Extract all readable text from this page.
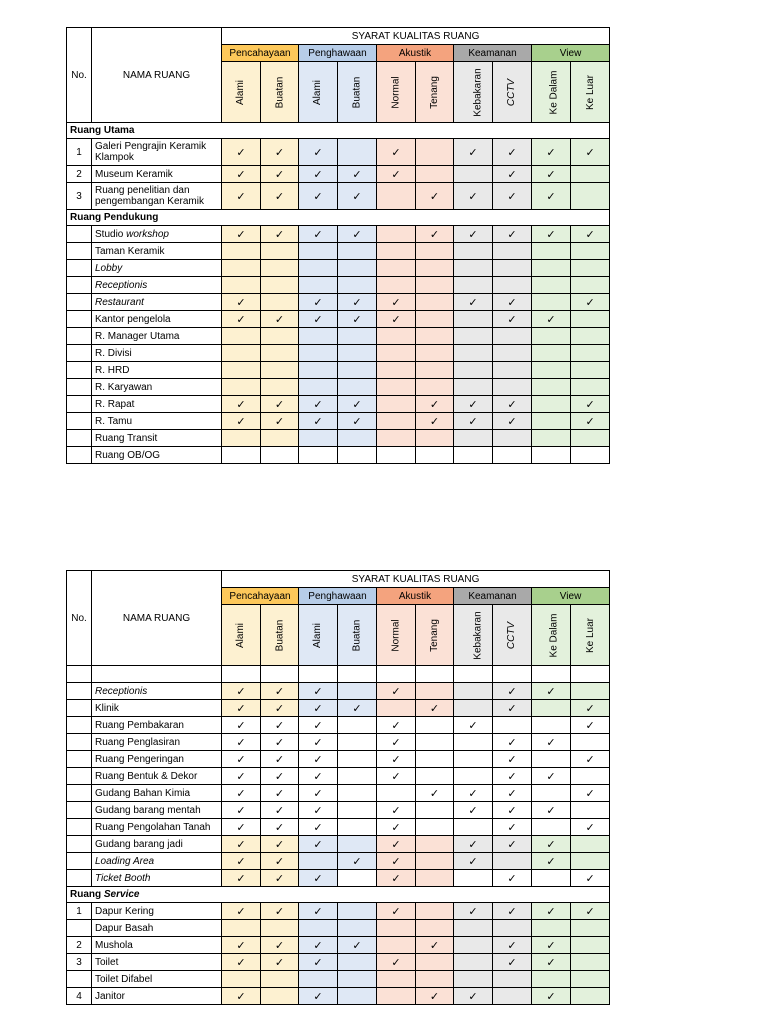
No.	NAMA RUANG	SYARAT KUALITAS RUANG									
		Pencahayaan		Penghawaan		Akustik		Keamanan		View	
		Alami	Buatan	Alami	Buatan	Normal	Tenang	Kebakaran	CCTV	Ke Dalam	Ke Luar
Ruang Utama											
1	Galeri Pengrajin Keramik Klampok	✓	✓	✓		✓		✓	✓	✓	✓
2	Museum Keramik	✓	✓	✓	✓	✓			✓	✓	
3	Ruang penelitian dan pengembangan Keramik	✓	✓	✓	✓		✓	✓	✓	✓	
Ruang Pendukung											
	Studio workshop	✓	✓	✓	✓		✓	✓	✓	✓	✓
	Taman Keramik										
	Lobby										
	Receptionis										
	Restaurant	✓		✓	✓	✓		✓	✓		✓
	Kantor pengelola	✓	✓	✓	✓	✓			✓	✓	
	R. Manager Utama										
	R. Divisi										
	R. HRD										
	R. Karyawan										
	R. Rapat	✓	✓	✓	✓		✓	✓	✓		✓
	R. Tamu	✓	✓	✓	✓		✓	✓	✓		✓
	Ruang Transit										
	Ruang OB/OG										
No.	NAMA RUANG	SYARAT KUALITAS RUANG									
		Pencahayaan		Penghawaan		Akustik		Keamanan		View	
		Alami	Buatan	Alami	Buatan	Normal	Tenang	Kebakaran	CCTV	Ke Dalam	Ke Luar

	Receptionis	✓	✓	✓		✓			✓	✓	
	Klinik	✓	✓	✓	✓		✓		✓		✓
	Ruang Pembakaran	✓	✓	✓		✓		✓			✓
	Ruang Penglasiran	✓	✓	✓		✓			✓	✓	
	Ruang Pengeringan	✓	✓	✓		✓			✓		✓
	Ruang Bentuk & Dekor	✓	✓	✓		✓			✓	✓	
	Gudang Bahan Kimia	✓	✓	✓			✓	✓	✓		✓
	Gudang barang mentah	✓	✓	✓		✓		✓	✓	✓	
	Ruang Pengolahan Tanah	✓	✓	✓		✓			✓		✓
	Gudang barang jadi	✓	✓	✓		✓		✓	✓	✓	
	Loading Area	✓	✓		✓	✓		✓		✓	
	Ticket Booth	✓	✓	✓		✓			✓		✓
Ruang Service											
1	Dapur Kering	✓	✓	✓		✓		✓	✓	✓	✓
	Dapur Basah										
2	Mushola	✓	✓	✓	✓		✓		✓	✓	
3	Toilet	✓	✓	✓		✓			✓	✓	
	Toilet Difabel										
4	Janitor	✓		✓			✓	✓		✓	
